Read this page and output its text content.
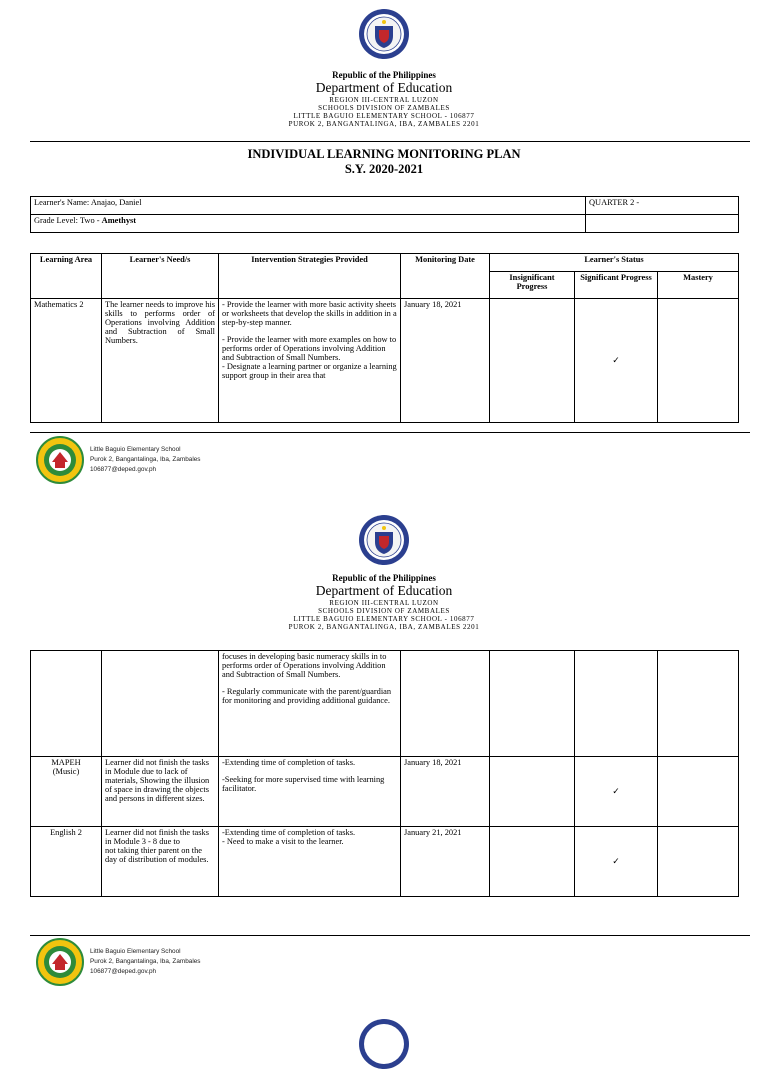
Republic of the Philippines
Department of Education
REGION III-CENTRAL LUZON
SCHOOLS DIVISION OF ZAMBALES
LITTLE BAGUIO ELEMENTARY SCHOOL - 106877
PUROK 2, BANGANTALINGA, IBA, ZAMBALES 2201
INDIVIDUAL LEARNING MONITORING PLAN
S.Y. 2020-2021
Learner's Name: Anajao, Daniel	QUARTER 2 -
Grade Level: Two - Amethyst	
Learning Area	Learner's Need/s	Intervention Strategies Provided	Monitoring Date	Learner's Status		
				Insignificant Progress	Significant Progress	Mastery
Mathematics 2	The learner needs to improve his skills to performs order of Operations involving Addition and Subtraction of Small Numbers.	- Provide the learner with more basic activity sheets or worksheets that develop the skills in addition in a step-by-step manner.
- Provide the learner with more examples on how to performs order of Operations involving Addition and Subtraction of Small Numbers.
- Designate a learning partner or organize a learning support group in their area that	January 18, 2021		✓	
Little Baguio Elementary School
Purok 2, Bangantalinga, Iba, Zambales
106877@deped.gov.ph
Republic of the Philippines
Department of Education
REGION III-CENTRAL LUZON
SCHOOLS DIVISION OF ZAMBALES
LITTLE BAGUIO ELEMENTARY SCHOOL - 106877
PUROK 2, BANGANTALINGA, IBA, ZAMBALES 2201

		focuses in developing basic numeracy skills in to performs order of Operations involving Addition and Subtraction of Small Numbers.
- Regularly communicate with the parent/guardian for monitoring and providing additional guidance.				

MAPEH
(Music)	Learner did not finish the tasks in Module due to lack of materials, Showing the illusion of space in drawing the objects and persons in different sizes.	-Extending time of completion of tasks.
-Seeking for more supervised time with learning facilitator.	January 18, 2021		✓	
English 2	Learner did not finish the tasks in Module 3 - 8 due to
not taking thier parent on the day of distribution of modules.	-Extending time of completion of tasks.
- Need to make a visit to the learner.	January 21, 2021		✓	
Little Baguio Elementary School
Purok 2, Bangantalinga, Iba, Zambales
106877@deped.gov.ph
